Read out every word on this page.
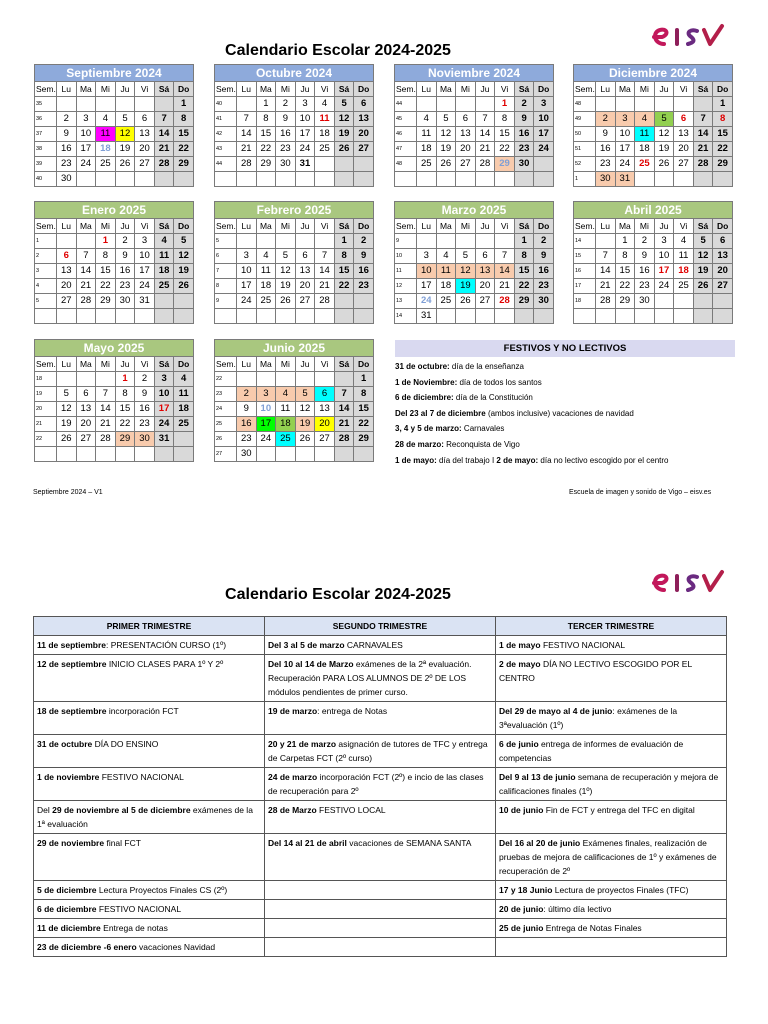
Calendario Escolar 2024-2025
Septiembre 2024
Sem.	Lu	Ma	Mi	Ju	Vi	Sá	Do
35							1
36	2	3	4	5	6	7	8
37	9	10	11	12	13	14	15
38	16	17	18	19	20	21	22
39	23	24	25	26	27	28	29
40	30						
Octubre 2024
Sem.	Lu	Ma	Mi	Ju	Vi	Sá	Do
40		1	2	3	4	5	6
41	7	8	9	10	11	12	13
42	14	15	16	17	18	19	20
43	21	22	23	24	25	26	27
44	28	29	30	31			

Noviembre 2024
Sem.	Lu	Ma	Mi	Ju	Vi	Sá	Do
44					1	2	3
45	4	5	6	7	8	9	10
46	11	12	13	14	15	16	17
47	18	19	20	21	22	23	24
48	25	26	27	28	29	30	

Diciembre 2024
Sem.	Lu	Ma	Mi	Ju	Vi	Sá	Do
48							1
49	2	3	4	5	6	7	8
50	9	10	11	12	13	14	15
51	16	17	18	19	20	21	22
52	23	24	25	26	27	28	29
1	30	31					
Enero 2025
Sem.	Lu	Ma	Mi	Ju	Vi	Sá	Do
1			1	2	3	4	5
2	6	7	8	9	10	11	12
3	13	14	15	16	17	18	19
4	20	21	22	23	24	25	26
5	27	28	29	30	31		

Febrero 2025
Sem.	Lu	Ma	Mi	Ju	Vi	Sá	Do
5						1	2
6	3	4	5	6	7	8	9
7	10	11	12	13	14	15	16
8	17	18	19	20	21	22	23
9	24	25	26	27	28		

Marzo 2025
Sem.	Lu	Ma	Mi	Ju	Vi	Sá	Do
9						1	2
10	3	4	5	6	7	8	9
11	10	11	12	13	14	15	16
12	17	18	19	20	21	22	23
13	24	25	26	27	28	29	30
14	31						
Abril 2025
Sem.	Lu	Ma	Mi	Ju	Vi	Sá	Do
14		1	2	3	4	5	6
15	7	8	9	10	11	12	13
16	14	15	16	17	18	19	20
17	21	22	23	24	25	26	27
18	28	29	30				

Mayo 2025
Sem.	Lu	Ma	Mi	Ju	Vi	Sá	Do
18				1	2	3	4
19	5	6	7	8	9	10	11
20	12	13	14	15	16	17	18
21	19	20	21	22	23	24	25
22	26	27	28	29	30	31	

Junio 2025
Sem.	Lu	Ma	Mi	Ju	Vi	Sá	Do
22							1
23	2	3	4	5	6	7	8
24	9	10	11	12	13	14	15
25	16	17	18	19	20	21	22
26	23	24	25	26	27	28	29
27	30						
FESTIVOS Y NO LECTIVOS
31 de octubre: día de la enseñanza
1 de Noviembre: día de todos los santos
6 de diciembre: día de la Constitución
Del 23 al 7 de diciembre (ambos inclusive) vacaciones de navidad
3, 4 y 5 de marzo: Carnavales
28 de marzo: Reconquista de Vigo
1 de mayo: día del trabajo I 2 de mayo: día no lectivo escogido por el centro
Septiembre 2024 – V1	Escuela de imagen y sonido de Vigo – eisv.es
Calendario Escolar 2024-2025
PRIMER TRIMESTRE	SEGUNDO TRIMESTRE	TERCER TRIMESTRE
11 de septiembre: PRESENTACIÓN CURSO (1º)	Del 3 al 5 de marzo CARNAVALES	1 de mayo FESTIVO NACIONAL
12 de septiembre INICIO CLASES PARA 1º Y 2º	Del 10 al 14 de Marzo exámenes de la 2ª evaluación. Recuperación PARA LOS ALUMNOS DE 2º DE LOS módulos pendientes de primer curso.	2 de mayo DÍA NO LECTIVO ESCOGIDO POR EL CENTRO
18 de septiembre incorporación FCT	19 de marzo: entrega de Notas	Del 29 de mayo al 4 de junio: exámenes de la 3ªevaluación (1º)
31 de octubre DÍA DO ENSINO	20 y 21 de marzo asignación de tutores de TFC y entrega de Carpetas FCT (2º curso)	6 de junio entrega de informes de evaluación de competencias
1 de noviembre FESTIVO NACIONAL	24 de marzo incorporación FCT (2º) e incio de las clases de recuperación para 2º	Del 9 al 13 de junio semana de recuperación y mejora de calificaciones finales (1º)
Del 29 de noviembre al 5 de diciembre exámenes de la 1ª evaluación	28 de Marzo FESTIVO LOCAL	10 de junio Fin de FCT y entrega del TFC en digital
29 de noviembre final FCT	Del 14 al 21 de abril vacaciones de SEMANA SANTA	Del 16 al 20 de junio Exámenes finales, realización de pruebas de mejora de calificaciones de 1º y exámenes de recuperación de 2º
5 de diciembre Lectura Proyectos Finales CS (2º)		17 y 18 Junio Lectura de proyectos Finales (TFC)
6 de diciembre FESTIVO NACIONAL		20 de junio: último día lectivo
11 de diciembre Entrega de notas		25 de junio Entrega de Notas Finales
23 de diciembre -6 enero vacaciones Navidad		
